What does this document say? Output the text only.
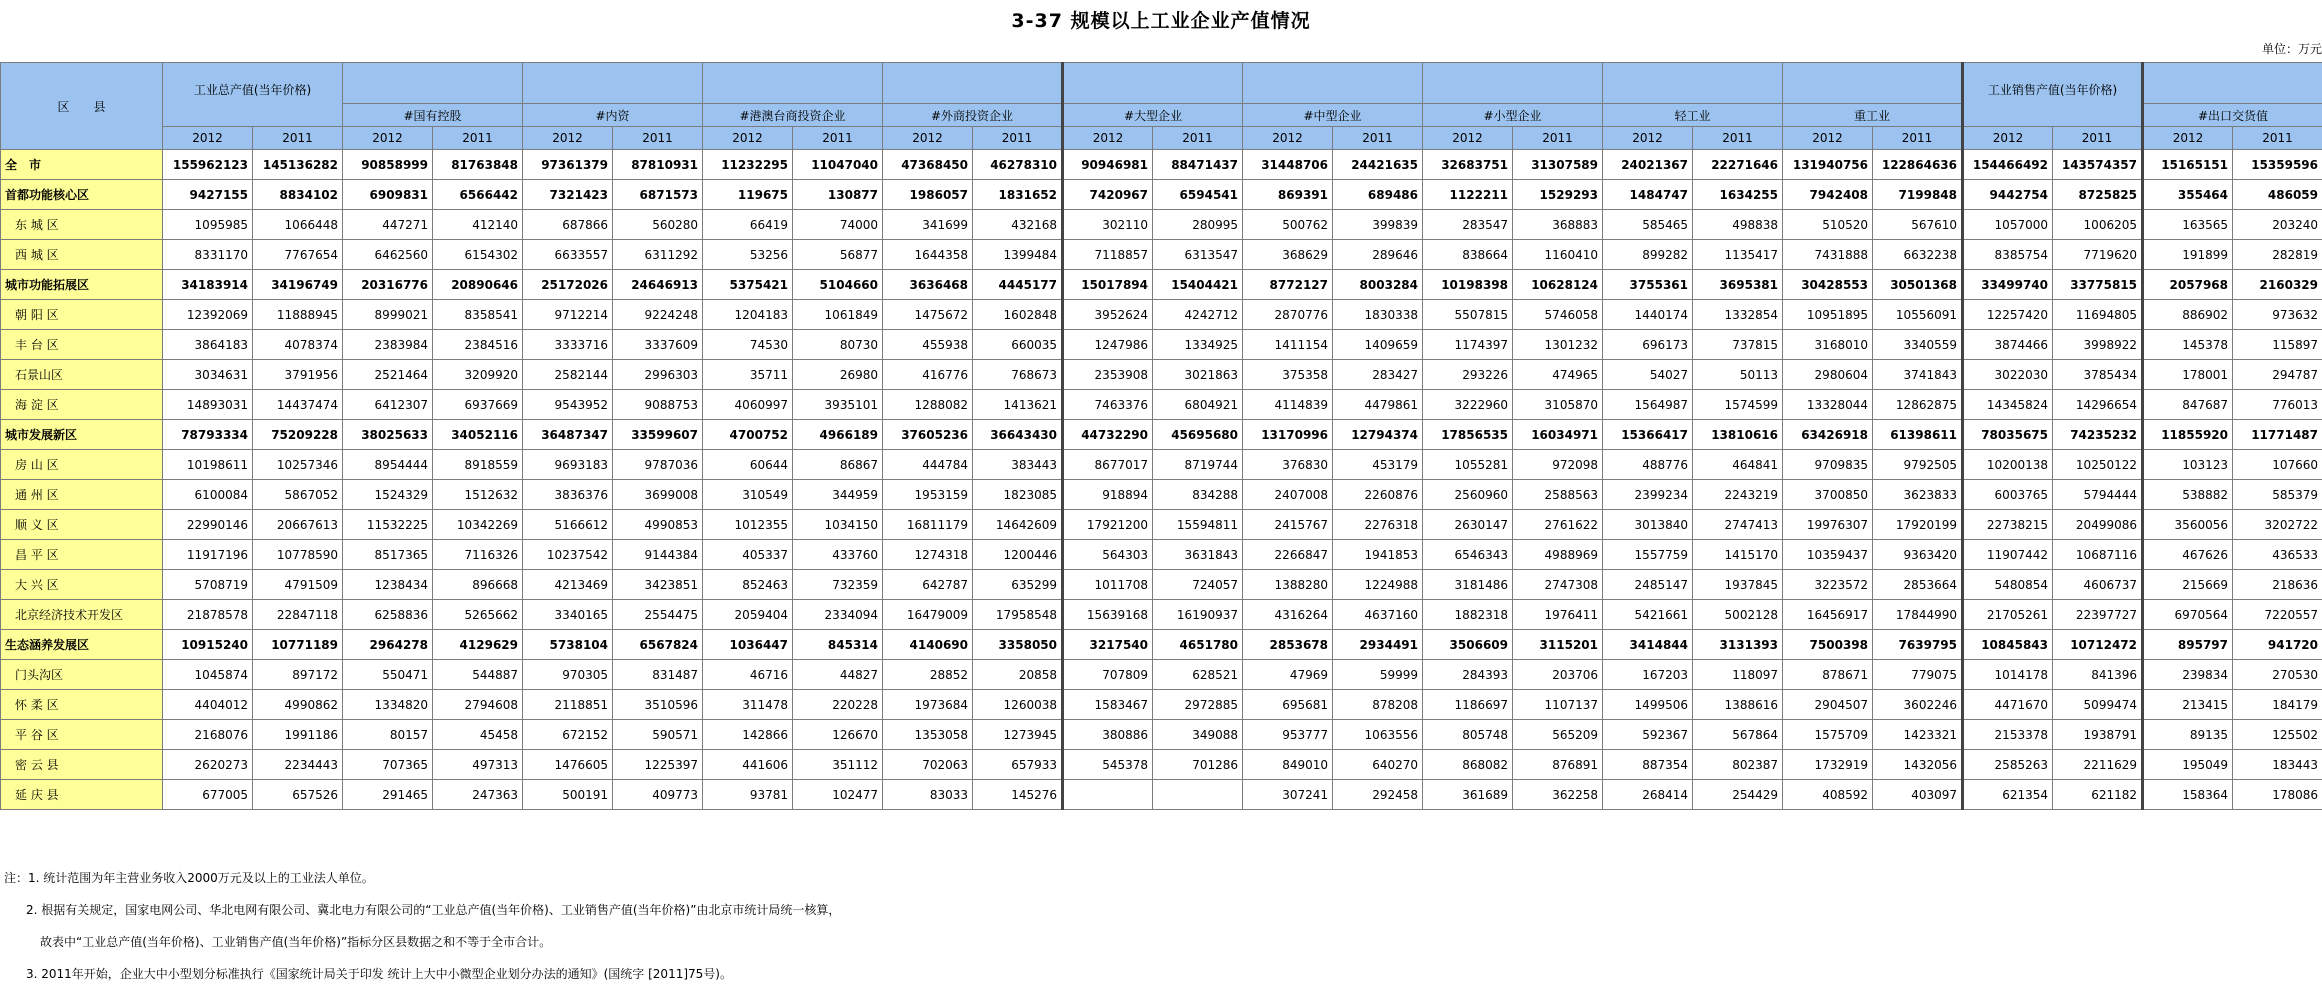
3-37 规模以上工业企业产值情况
单位：万元
区　　县	工业总产值(当年价格)																				工业销售产值(当年价格)			
			#国有控股		#内资		#港澳台商投资企业		#外商投资企业		#大型企业		#中型企业		#小型企业		轻工业		重工业				#出口交货值	
	2012	2011	2012	2011	2012	2011	2012	2011	2012	2011	2012	2011	2012	2011	2012	2011	2012	2011	2012	2011	2012	2011	2012	2011
全　市	155962123	145136282	90858999	81763848	97361379	87810931	11232295	11047040	47368450	46278310	90946981	88471437	31448706	24421635	32683751	31307589	24021367	22271646	131940756	122864636	154466492	143574357	15165151	15359596
首都功能核心区	9427155	8834102	6909831	6566442	7321423	6871573	119675	130877	1986057	1831652	7420967	6594541	869391	689486	1122211	1529293	1484747	1634255	7942408	7199848	9442754	8725825	355464	486059
东 城 区	1095985	1066448	447271	412140	687866	560280	66419	74000	341699	432168	302110	280995	500762	399839	283547	368883	585465	498838	510520	567610	1057000	1006205	163565	203240
西 城 区	8331170	7767654	6462560	6154302	6633557	6311292	53256	56877	1644358	1399484	7118857	6313547	368629	289646	838664	1160410	899282	1135417	7431888	6632238	8385754	7719620	191899	282819
城市功能拓展区	34183914	34196749	20316776	20890646	25172026	24646913	5375421	5104660	3636468	4445177	15017894	15404421	8772127	8003284	10198398	10628124	3755361	3695381	30428553	30501368	33499740	33775815	2057968	2160329
朝 阳 区	12392069	11888945	8999021	8358541	9712214	9224248	1204183	1061849	1475672	1602848	3952624	4242712	2870776	1830338	5507815	5746058	1440174	1332854	10951895	10556091	12257420	11694805	886902	973632
丰 台 区	3864183	4078374	2383984	2384516	3333716	3337609	74530	80730	455938	660035	1247986	1334925	1411154	1409659	1174397	1301232	696173	737815	3168010	3340559	3874466	3998922	145378	115897
石景山区	3034631	3791956	2521464	3209920	2582144	2996303	35711	26980	416776	768673	2353908	3021863	375358	283427	293226	474965	54027	50113	2980604	3741843	3022030	3785434	178001	294787
海 淀 区	14893031	14437474	6412307	6937669	9543952	9088753	4060997	3935101	1288082	1413621	7463376	6804921	4114839	4479861	3222960	3105870	1564987	1574599	13328044	12862875	14345824	14296654	847687	776013
城市发展新区	78793334	75209228	38025633	34052116	36487347	33599607	4700752	4966189	37605236	36643430	44732290	45695680	13170996	12794374	17856535	16034971	15366417	13810616	63426918	61398611	78035675	74235232	11855920	11771487
房 山 区	10198611	10257346	8954444	8918559	9693183	9787036	60644	86867	444784	383443	8677017	8719744	376830	453179	1055281	972098	488776	464841	9709835	9792505	10200138	10250122	103123	107660
通 州 区	6100084	5867052	1524329	1512632	3836376	3699008	310549	344959	1953159	1823085	918894	834288	2407008	2260876	2560960	2588563	2399234	2243219	3700850	3623833	6003765	5794444	538882	585379
顺 义 区	22990146	20667613	11532225	10342269	5166612	4990853	1012355	1034150	16811179	14642609	17921200	15594811	2415767	2276318	2630147	2761622	3013840	2747413	19976307	17920199	22738215	20499086	3560056	3202722
昌 平 区	11917196	10778590	8517365	7116326	10237542	9144384	405337	433760	1274318	1200446	564303	3631843	2266847	1941853	6546343	4988969	1557759	1415170	10359437	9363420	11907442	10687116	467626	436533
大 兴 区	5708719	4791509	1238434	896668	4213469	3423851	852463	732359	642787	635299	1011708	724057	1388280	1224988	3181486	2747308	2485147	1937845	3223572	2853664	5480854	4606737	215669	218636
北京经济技术开发区	21878578	22847118	6258836	5265662	3340165	2554475	2059404	2334094	16479009	17958548	15639168	16190937	4316264	4637160	1882318	1976411	5421661	5002128	16456917	17844990	21705261	22397727	6970564	7220557
生态涵养发展区	10915240	10771189	2964278	4129629	5738104	6567824	1036447	845314	4140690	3358050	3217540	4651780	2853678	2934491	3506609	3115201	3414844	3131393	7500398	7639795	10845843	10712472	895797	941720
门头沟区	1045874	897172	550471	544887	970305	831487	46716	44827	28852	20858	707809	628521	47969	59999	284393	203706	167203	118097	878671	779075	1014178	841396	239834	270530
怀 柔 区	4404012	4990862	1334820	2794608	2118851	3510596	311478	220228	1973684	1260038	1583467	2972885	695681	878208	1186697	1107137	1499506	1388616	2904507	3602246	4471670	5099474	213415	184179
平 谷 区	2168076	1991186	80157	45458	672152	590571	142866	126670	1353058	1273945	380886	349088	953777	1063556	805748	565209	592367	567864	1575709	1423321	2153378	1938791	89135	125502
密 云 县	2620273	2234443	707365	497313	1476605	1225397	441606	351112	702063	657933	545378	701286	849010	640270	868082	876891	887354	802387	1732919	1432056	2585263	2211629	195049	183443
延 庆 县	677005	657526	291465	247363	500191	409773	93781	102477	83033	145276			307241	292458	361689	362258	268414	254429	408592	403097	621354	621182	158364	178086
注：1. 统计范围为年主营业务收入2000万元及以上的工业法人单位。
2. 根据有关规定，国家电网公司、华北电网有限公司、冀北电力有限公司的“工业总产值(当年价格)、工业销售产值(当年价格)”由北京市统计局统一核算，
故表中“工业总产值(当年价格)、工业销售产值(当年价格)”指标分区县数据之和不等于全市合计。
3. 2011年开始，企业大中小型划分标准执行《国家统计局关于印发 统计上大中小微型企业划分办法的通知》(国统字 [2011]75号)。
